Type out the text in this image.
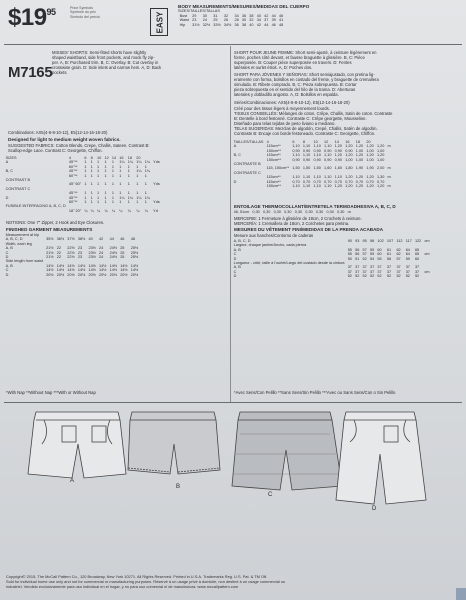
$\$19^{95}$	Price Symbols
Symbole du prix
Símbolo del precio	EASY
BODY MEASUREMENTS/MESURES/MEDIDAS DEL CUERPO
SIZES/TAILLES/TALLAS
Bust	29	30	31	32	34	36	38	40	42	44	46
Waist	23	24	25	26	28	30	32	34	37	39	41
Hip	31½	32½	33½	34½	36	38	40	42	44	46	48
M7165
MISSES' SHORTS: Semi-fitted shorts have slightly
shaped waistband, side front pockets, and mock fly zip-
per. A, B: Purchased trim. B, C: Overlay. B: Cut overlay in
crosswise grain. D: Side inlets and narrow hem. A, D: Back
pockets.
Combinations: AX5(4-6-8-10-12), E5(12-14-16-18-20)
Designed for light to medium weight woven fabrics.
SUGGESTED FABRICS: Cotton Blends, Crepe, Challis, Sateen. Contrast B:
Scallop-edge Lace. Contrast C: Georgette, Chiffon.
SIZES	4	6	8	10	12	14	16	18	20		
A	45"**	1	1	1	1	1	1¼	1¼	1¼	1¼	Yds
	60"**	1	1	1	1	1	1	1	1	1	
B, C	45"**	1	1	1	1	1	1	1	1¼	1¼	
	60"**	1	1	1	1	1	1	1	1	1	
CONTRAST B											
	45" 60"	1	1	1	1	1	1	1	1	1	Yds
CONTRAST C											
	45"**	1	1	1	1	1	1	1	1	1	
D	45"**	1	1	1	1	1	1¼	1¼	1¼	1¼	
	60"**	1	1	1	1	1	1	1	1	1	Yds
FUSIBLE INTERFACING A, B, C, D											
	18" 20"	¼	¼	¼	¼	¼	¼	¼	¼	¼	Yd
NOTIONS: One 7" Zipper, 2 Hook and Eye Closures.
FINISHED GARMENT MEASUREMENTS
Measurement at hip									
A, B, C, D	35½	36½	37½	38½	40	42	44	46	48
Width, each leg									
A, B	21½	22	22½	23	23½	24	24½	25	25½
C	21½	22	22½	23	23½	24	24½	25	25½
D	21½	22	22½	23	23½	24	24½	25	25½
Side length from waist									
A, B	14½	14½	14½	14½	14½	14½	14½	14½	14½
C	14½	14½	14½	14½	14½	14½	14½	14½	14½
D	20½	20½	20½	20½	20½	20½	20½	20½	20½
*With Nap **Without Nap ***With or Without Nap
SHORT POUR JEUNE FEMME: Short semi-ajusté, à ceinture légèrement en
forme, poches côté devant, et fausse braguette à glissière. B, C: Pièce
superposée. B: Couper pièce superposée en travers. D: Fentes
latérales et ourlet étroit. A, D: Poches dos.
SHORT PARA JÓVENES Y SEÑORAS: Short semiajustado, con pretina lig-
eramente con forma, bolsillos en costado del frente, y braguette de cremallera
simulada. B: Ribete comprado. B, C: Pieza sobrepuesta. B: Cortar
pieza sobrepuesta en el sentido del hilo de la trama. D: Aberturas
laterales y dobladillo angosto. A, D: Bolsillos en espalda.
Séries/Combinaciones: AX5(4-6-8-10-12), E5(12-14-16-18-20)
Créé pour des tissus légers à moyennement lourds.
TISSUS CONSEILLÉS: Mélanges de coton, Crêpe, Challis, Satin de coton. Contraste
B: Dentelle à bord festonné. Contraste C: Crêpe georgette, Mousseline.
Diseñado para telas tejidas de peso liviano a mediano.
TELAS SUGERIDAS: Mezclas de algodón, Crepé, Challis, Satén de algodón.
Contraste B: Encaje con borde festoneado. Contraste C: Georgette, Chiffon.
TAILLES/TALLAS	4	6	8	10	12	14	16	18	20		
A	115cm**	1,10	1,10	1,10	1,10	1,20	1,20	1,20	1,20	1,20	m
	150cm**	0,90	0,90	0,90	0,90	0,90	0,90	1,00	1,00	1,00	
B, C	115cm**	1,10	1,10	1,10	1,10	1,20	1,20	1,20	1,20	1,20	
	150cm**	0,90	0,90	0,90	0,90	0,90	1,00	1,00	1,00	1,00	
CONTRASTE B											
	115, 150cm**	1,50	1,50	1,50	1,60	1,60	1,80	1,90	1,90	2,00	m
CONTRASTE C											
	115cm**	1,10	1,10	1,10	1,10	1,10	1,20	1,20	1,20	1,30	m
D	115cm**	0,70	0,70	0,70	0,70	0,70	0,70	0,70	0,70	0,70	
	150cm**	1,10	1,10	1,10	1,10	1,20	1,20	1,20	1,20	1,20	m
ENTOILAGE THERMOCOLLANT/ENTRETELA TERMOADHESIVA A, B, C, D
46, 51cm	0,30	0,30	0,30	0,30	0,30	0,30	0,30	0,30	0,30	m
MERCERIE: 1 Fermeture à glissière de 18cm, 2 Crochets à ceinture.
MERCERÍA: 1 Cremallera de 18cm, 2 Corchetes para pretina.
MESURES DU VÊTEMENT FINI/MEDIDAS DE LA PRENDA ACABADA
Mesure aux hanches/Contorno de caderas
A, B, C, D	90	93	95	98	102	107	112	117	122	cm
Largeur, chaque jambe/Ancho, cada pierna										
A, B	55	56	57	59	60	61	62	64	65	
C	55	56	57	59	60	61	62	64	65	cm
D	50	51	52	54	55	56	57	59	60	
Longueur - côté, taille à l'ourlet/Largo del costado desde la cintura										
A, B	37	37	37	37	37	37	37	37	37	
C	37	37	37	37	37	37	37	37	37	cm
D	52	52	52	52	52	52	52	52	52	
*Avec Sens/Con Pelillo **Sans Sens/Sin Pelillo ***Avec ou Sans Sens/Con o Sin Pelillo
A
B
C
D
Copyright© 2015, The McCall Pattern Co., 120 Broadway, New York 10271. All Rights Reserved. Printed in U.S.A. Trademarks Reg. U.S. Pat. & TM Off.
Sold for individual home use only and not for commercial or manufacturing purposes. Réservé à un usage privé à domicile, non destiné à un usage commercial ou
industriel. Vendido exclusivamente para uso individual en el hogar, y no para uso comercial ni de manufactura. www.mccallpattern.com
